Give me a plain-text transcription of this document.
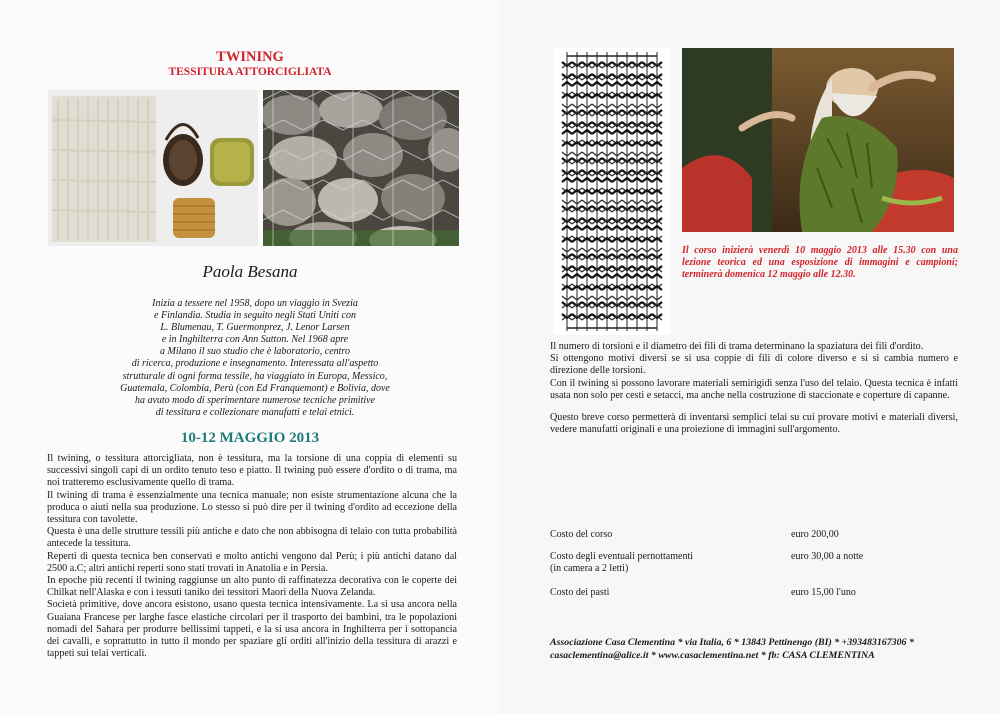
TWINING
TESSITURA ATTORCIGLIATA
Paola Besana
Inizia a tessere nel 1958, dopo un viaggio in Svezia
e Finlandia. Studia in seguito negli Stati Uniti con
L. Blumenau, T. Guermonprez, J. Lenor Larsen
e in Inghilterra con Ann Sutton. Nel 1968 apre
a Milano il suo studio che è laboratorio, centro
di ricerca, produzione e insegnamento. Interessata all'aspetto
strutturale di ogni forma tessile, ha viaggiato in Europa, Messico,
Guatemala, Colombia, Perù (con Ed Franquemont) e Bolivia, dove
ha avuto modo di sperimentare numerose tecniche primitive
di tessitura e collezionare manufatti e telai etnici.
10-12 MAGGIO 2013

Il twining, o tessitura attorcigliata, non è tessitura, ma la torsione di una coppia di elementi su successivi singoli capi di un ordito tenuto teso e piatto. Il twining può essere d'ordito o di trama, ma noi tratteremo esclusivamente quello di trama.

Il twining di trama è essenzialmente una tecnica manuale; non esiste strumentazione alcuna che la produca o aiuti nella sua produzione. Lo stesso si può dire per il twining d'ordito ad eccezione della tessitura con tavolette.

Questa è una delle strutture tessili più antiche e dato che non abbisogna di telaio con tutta probabilità antecede la tessitura.

Reperti di questa tecnica ben conservati e molto antichi vengono dal Perù; i più antichi datano dal 2500 a.C; altri antichi reperti sono stati trovati in Anatolia e in Persia.

In epoche più recenti il twining raggiunse un alto punto di raffinatezza decorativa con le coperte dei Chilkat nell'Alaska e con i tessuti taniko dei tessitori Maori della Nuova Zelanda.

Società primitive, dove ancora esistono, usano questa tecnica intensivamente. La si usa ancora nella Guaiana Francese per larghe fasce elastiche circolari per il trasporto dei bambini, tra le popolazioni nomadi del Sahara per produrre bellissimi tappeti, e la si usa ancora in Inghilterra per i sottopancia dei cavalli, e soprattutto in tutto il mondo per spaziare gli orditi all'inizio della tessitura di arazzi e tappeti sui telai verticali.

Il corso inizierà venerdì 10 maggio 2013 alle 15.30 con una lezione teorica ed una esposizione di immagini e campioni; terminerà domenica 12 maggio alle 12.30.

Il numero di torsioni e il diametro dei fili di trama determinano la spaziatura dei fili d'ordito.

Si ottengono motivi diversi se si usa coppie di fili di colore diverso e si si cambia numero e direzione delle torsioni.

Con il twining si possono lavorare materiali semirigidi senza l'uso del telaio. Questa tecnica è infatti usata non solo per cesti e setacci, ma anche nella costruzione di staccionate e coperture di capanne.

Questo breve corso permetterà di inventarsi semplici telai su cui provare motivi e materiali diversi, vedere manufatti originali e una proiezione di immagini sull'argomento.

Costo del corso	euro 200,00
Costo degli eventuali pernottamenti
(in camera a 2 letti)
euro 30,00 a notte
Costo dei pasti	euro 15,00 l'uno
Associazione Casa Clementina * via Italia, 6 * 13843 Pettinengo (BI) * +393483167306 *
casaclementina@alice.it * www.casaclementina.net * fb: CASA CLEMENTINA
